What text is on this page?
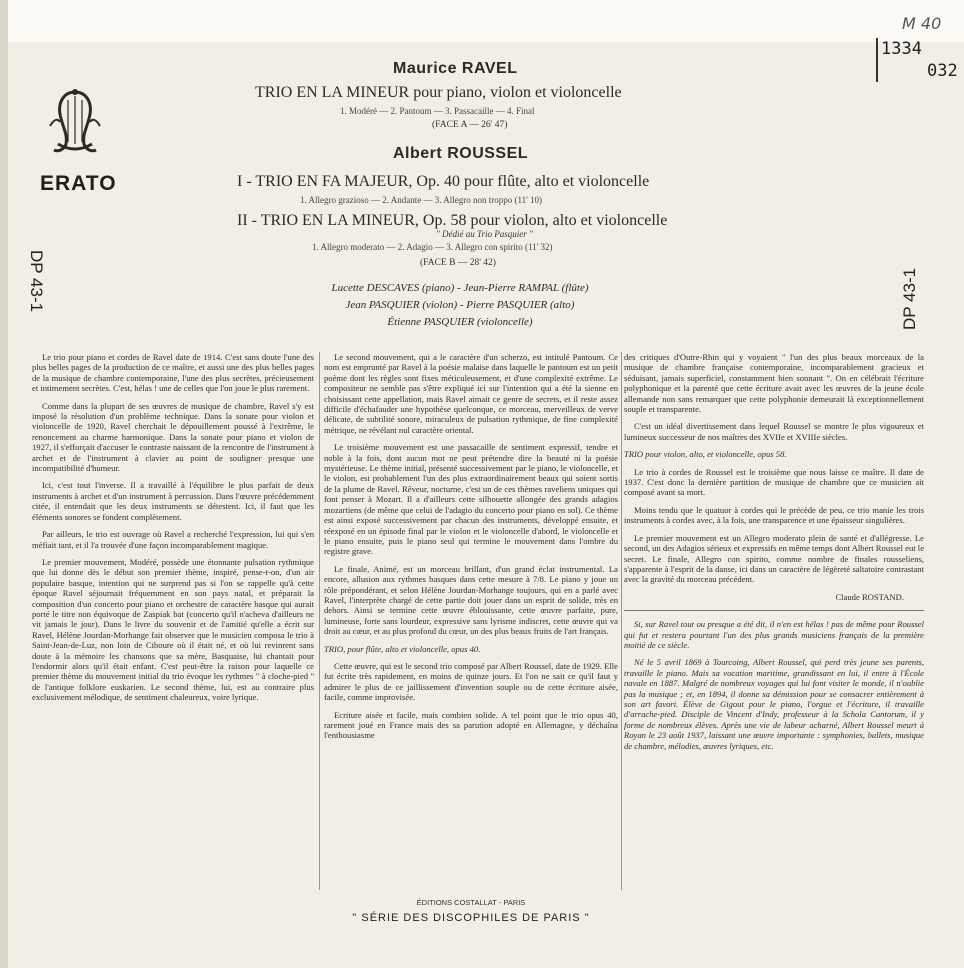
M 40
1334
032
ERATO
DP 43-1	DP 43-1
Maurice RAVEL
TRIO EN LA MINEUR pour piano, violon et violoncelle
1. Modéré — 2. Pantoum — 3. Passacaille — 4. Final
(FACE A — 26' 47)
Albert ROUSSEL
I - TRIO EN FA MAJEUR, Op. 40 pour flûte, alto et violoncelle
1. Allegro grazioso — 2. Andante — 3. Allegro non troppo (11' 10)
II - TRIO EN LA MINEUR, Op. 58 pour violon, alto et violoncelle
" Dédié au Trio Pasquier "
1. Allegro moderato — 2. Adagio — 3. Allegro con spirito (11' 32)
(FACE B — 28' 42)
Lucette DESCAVES (piano) - Jean-Pierre RAMPAL (flûte)
Jean PASQUIER (violon) - Pierre PASQUIER (alto)
Étienne PASQUIER (violoncelle)

Le trio pour piano et cordes de Ravel date de 1914. C'est sans doute l'une des plus belles pages de la production de ce maître, et aussi une des plus belles pages de la musique de chambre contemporaine, l'une des plus secrètes, précieusement et intimement secrètes. C'est, hélas ! une de celles que l'on joue le plus rarement.

Comme dans la plupart de ses œuvres de musique de chambre, Ravel s'y est imposé la résolution d'un problème technique. Dans la sonate pour violon et violoncelle de 1920, Ravel cherchait le dépouillement poussé à l'extrême, le renoncement au charme harmonique. Dans la sonate pour piano et violon de 1927, il s'efforçait d'accuser le contraste naissant de la rencontre de l'instrument à archet et de l'instrument à clavier au point de souligner presque une incompatibilité d'humeur.

Ici, c'est tout l'inverse. Il a travaillé à l'équilibre le plus parfait de deux instruments à archet et d'un instrument à percussion. Dans l'œuvre précédemment citée, il entendait que les deux instruments se détestent. Ici, il faut que les éléments sonores se fondent complètement.

Par ailleurs, le trio est ouvrage où Ravel a recherché l'expression, lui qui s'en méfiait tant, et il l'a trouvée d'une façon incomparablement magique.

Le premier mouvement, Modéré, possède une étonnante pulsation rythmique que lui donne dès le début son premier thème, inspiré, pense-t-on, d'un air populaire basque, intention qui ne surprend pas si l'on se rappelle qu'à cette époque Ravel séjournait fréquemment en son pays natal, et préparait la composition d'un concerto pour piano et orchestre de caractère basque qui aurait porté le titre non équivoque de Zaspiak bat (concerto qu'il n'acheva d'ailleurs ne vit jamais le jour). Dans le livre du souvenir et de l'amitié qu'elle a écrit sur Ravel, Hélène Jourdan-Morhange fait observer que le musicien composa le trio à Saint-Jean-de-Luz, non loin de Ciboure où il était né, et où lui revinrent sans doute à la mémoire les chansons que sa mère, Basquaise, lui chantait pour l'endormir alors qu'il était enfant. C'est peut-être la raison pour laquelle ce premier thème du mouvement initial du trio évoque les rythmes " à cloche-pied " de l'antique folklore euskarien. Le second thème, lui, est au contraire plus exclusivement mélodique, de sentiment chaleureux, voire lyrique.

Le second mouvement, qui a le caractère d'un scherzo, est intitulé Pantoum. Ce nom est emprunté par Ravel à la poésie malaise dans laquelle le pantoum est un petit poème dont les règles sont fixes méticuleusement, et d'une complexité extrême. Le compositeur ne semble pas s'être expliqué ici sur l'intention qui a été la sienne en choisissant cette appellation, mais Ravel aimait ce genre de secrets, et il reste assez difficile d'échafauder une hypothèse quelconque, ce morceau, merveilleux de verve délicate, de subtilité sonore, miraculeux de pulsation rythmique, de fine complexité métrique, ne révélant nul caractère oriental.

Le troisième mouvement est une passacaille de sentiment expressif, tendre et noble à la fois, dont aucun mot ne peut prétendre dire la beauté ni la poésie mystérieuse. Le thème initial, présenté successivement par le piano, le violoncelle, et le violon, est probablement l'un des plus extraordinairement beaux qui soient sortis de la plume de Ravel. Rêveur, nocturne, c'est un de ces thèmes raveliens uniques qui font penser à Mozart. Il a d'ailleurs cette silhouette allongée des grands adagios mozartiens (de même que celui de l'adagio du concerto pour piano en sol). Ce thème est ainsi exposé successivement par chacun des instruments, développé ensuite, et réexposé en un épisode final par le violon et le violoncelle d'abord, le violoncelle et le piano ensuite, puis le piano seul qui termine le mouvement dans l'ombre du registre grave.

Le finale, Animé, est un morceau brillant, d'un grand éclat instrumental. La encore, allusion aux rythmes basques dans cette mesure à 7/8. Le piano y joue un rôle prépondérant, et selon Hélène Jourdan-Morhange toujours, qui en a parlé avec Ravel, l'interprète chargé de cette partie doit jouer dans un esprit de solide, très en dehors. Ainsi se termine cette œuvre éblouissante, cette œuvre parfaite, pure, lumineuse, forte sans lourdeur, expressive sans lyrisme indiscret, cette œuvre qui va droit au cœur, et au plus profond du cœur, un des plus beaux fruits de l'art français.

TRIO, pour flûte, alto et violoncelle, opus 40.

Cette œuvre, qui est le second trio composé par Albert Roussel, date de 1929. Elle fut écrite très rapidement, en moins de quinze jours. Et l'on ne sait ce qu'il faut y admirer le plus de ce jaillissement d'invention souple ou de cette écriture aisée, facile, comme improvisée.

Ecriture aisée et facile, mais combien solide. A tel point que le trio opus 40, rarement joué en France mais des sa parution adopté en Allemagne, y déchaîna l'enthousiasme

des critiques d'Outre-Rhin qui y voyaient " l'un des plus beaux morceaux de la musique de chambre française contemporaine, incomparablement gracieux et séduisant, jamais superficiel, constamment bien sonnant ". On en célébrait l'écriture polyphonique et la parenté que cette écriture avait avec les œuvres de la jeune école allemande non sans remarquer que cette polyphonie demeurait là exceptionnellement souple et transparente.

C'est un idéal divertissement dans lequel Roussel se montre le plus vigoureux et lumineux successeur de nos maîtres des XVIIe et XVIIIe siècles.

TRIO pour violon, alto, et violoncelle, opus 58.

Le trio à cordes de Roussel est le troisième que nous laisse ce maître. Il date de 1937. C'est donc la dernière partition de musique de chambre que ce musicien ait composé avant sa mort.

Moins tendu que le quatuor à cordes qui le précède de peu, ce trio manie les trois instruments à cordes avec, à la fois, une transparence et une épaisseur singulières.

Le premier mouvement est un Allegro moderato plein de santé et d'allégresse. Le second, un des Adagios sérieux et expressifs en même temps dont Albert Roussel eut le secret. Le finale, Allegro con spirito, comme nombre de finales rousseliens, s'apparente à l'esprit de la danse, ici dans un caractère de légèreté saltatoire contrastant avec la gravité du morceau précédent.

Claude ROSTAND.

Si, sur Ravel tout ou presque a été dit, il n'en est hélas ! pas de même pour Roussel qui fut et restera pourtant l'un des plus grands musiciens français de la première moitié de ce siècle.

Né le 5 avril 1869 à Tourcoing, Albert Roussel, qui perd très jeune ses parents, travaille le piano. Mais sa vocation maritime, grandissant en lui, il entre à l'École navale en 1887. Malgré de nombreux voyages qui lui font visiter le monde, il n'oublie pas la musique ; et, en 1894, il donne sa démission pour se consacrer entièrement à son art favori. Élève de Gigout pour le piano, l'orgue et l'écriture, il travaille d'arrache-pied. Disciple de Vincent d'Indy, professeur à la Schola Cantorum, il y forme de nombreux élèves. Après une vie de labeur acharné, Albert Roussel meurt à Royan le 23 août 1937, laissant une œuvre importante : symphonies, ballets, musique de chambre, mélodies, œuvres lyriques, etc.

ÉDITIONS COSTALLAT - PARIS
" SÉRIE DES DISCOPHILES DE PARIS "
